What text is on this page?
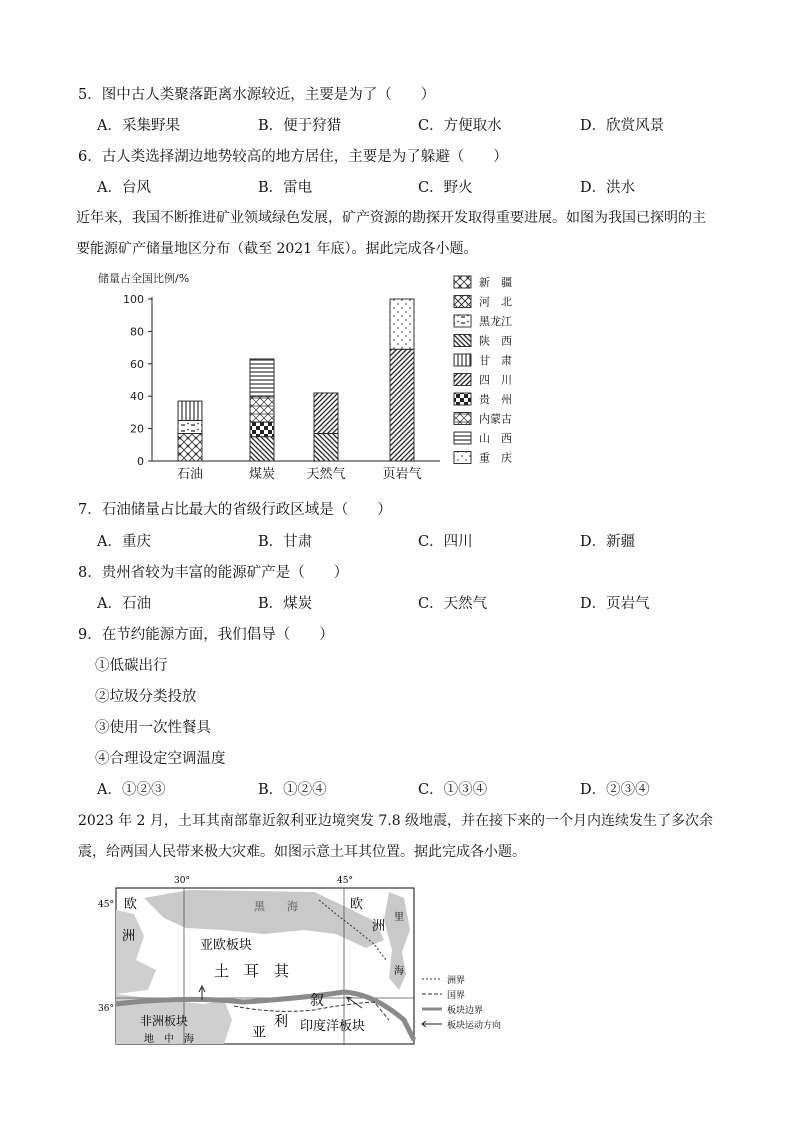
5．图中古人类聚落距离水源较近，主要是为了（　　）
A．采集野果	B．便于狩猎	C．方便取水	D．欣赏风景
6．古人类选择湖边地势较高的地方居住，主要是为了躲避（　　）
A．台风	B．雷电	C．野火	D．洪水
近年来，我国不断推进矿业领域绿色发展，矿产资源的勘探开发取得重要进展。如图为我国已探明的主
要能源矿产储量地区分布（截至 2021 年底）。据此完成各小题。
储量占全国比例/%
100
80
60
40
20
0
石油	煤炭 天然气	页岩气
新　疆
河　北
黑龙江
陕　西
甘　肃
四　川
贵　州
内蒙古
山　西
重　庆
7．石油储量占比最大的省级行政区域是（　　）
A．重庆	B．甘肃	C．四川	D．新疆
8．贵州省较为丰富的能源矿产是（　　）
A．石油	B．煤炭	C．天然气	D．页岩气
9．在节约能源方面，我们倡导（　　）
①低碳出行
②垃圾分类投放
③使用一次性餐具
④合理设定空调温度
A．①②③	B．①②④	C．①③④	D．②③④
2023 年 2 月，土耳其南部靠近叙利亚边境突发 7.8 级地震，并在接下来的一个月内连续发生了多次余
震，给两国人民带来极大灾难。如图示意土耳其位置。据此完成各小题。
30°	45°
45°
36°
欧
洲
欧
洲
黑　　海
里
海
亚欧板块
土　耳　其
叙
利
亚
非洲板块
地　中　海
印度洋板块
洲界
国界
板块边界
板块运动方向
